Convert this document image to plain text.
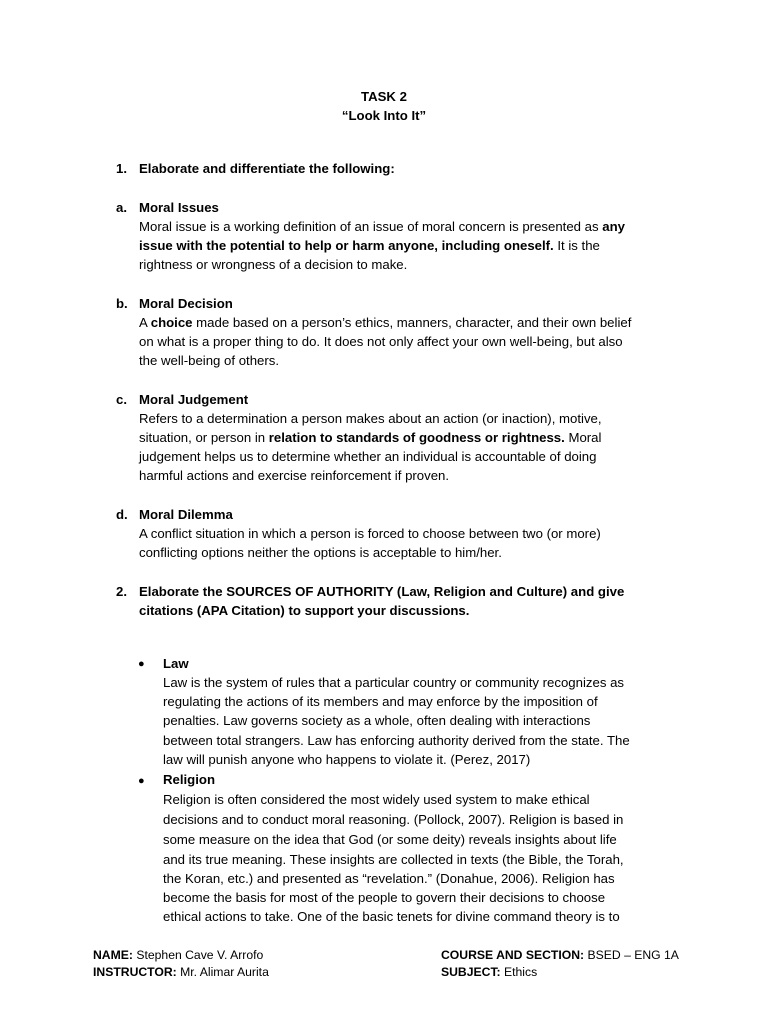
TASK 2
“Look Into It”
1. Elaborate and differentiate the following:
a. Moral Issues
Moral issue is a working definition of an issue of moral concern is presented as any
issue with the potential to help or harm anyone, including oneself. It is the
rightness or wrongness of a decision to make.
b. Moral Decision
A choice made based on a person’s ethics, manners, character, and their own belief
on what is a proper thing to do. It does not only affect your own well-being, but also
the well-being of others.
c. Moral Judgement
Refers to a determination a person makes about an action (or inaction), motive,
situation, or person in relation to standards of goodness or rightness. Moral
judgement helps us to determine whether an individual is accountable of doing
harmful actions and exercise reinforcement if proven.
d. Moral Dilemma
A conflict situation in which a person is forced to choose between two (or more)
conflicting options neither the options is acceptable to him/her.
2. Elaborate the SOURCES OF AUTHORITY (Law, Religion and Culture) and give
citations (APA Citation) to support your discussions.
● Law
Law is the system of rules that a particular country or community recognizes as
regulating the actions of its members and may enforce by the imposition of
penalties. Law governs society as a whole, often dealing with interactions
between total strangers. Law has enforcing authority derived from the state. The
law will punish anyone who happens to violate it. (Perez, 2017)
● Religion
Religion is often considered the most widely used system to make ethical
decisions and to conduct moral reasoning. (Pollock, 2007). Religion is based in
some measure on the idea that God (or some deity) reveals insights about life
and its true meaning. These insights are collected in texts (the Bible, the Torah,
the Koran, etc.) and presented as “revelation.” (Donahue, 2006). Religion has
become the basis for most of the people to govern their decisions to choose
ethical actions to take. One of the basic tenets for divine command theory is to
NAME: Stephen Cave V. Arrofo
INSTRUCTOR: Mr. Alimar Aurita
COURSE AND SECTION: BSED – ENG 1A
SUBJECT: Ethics
